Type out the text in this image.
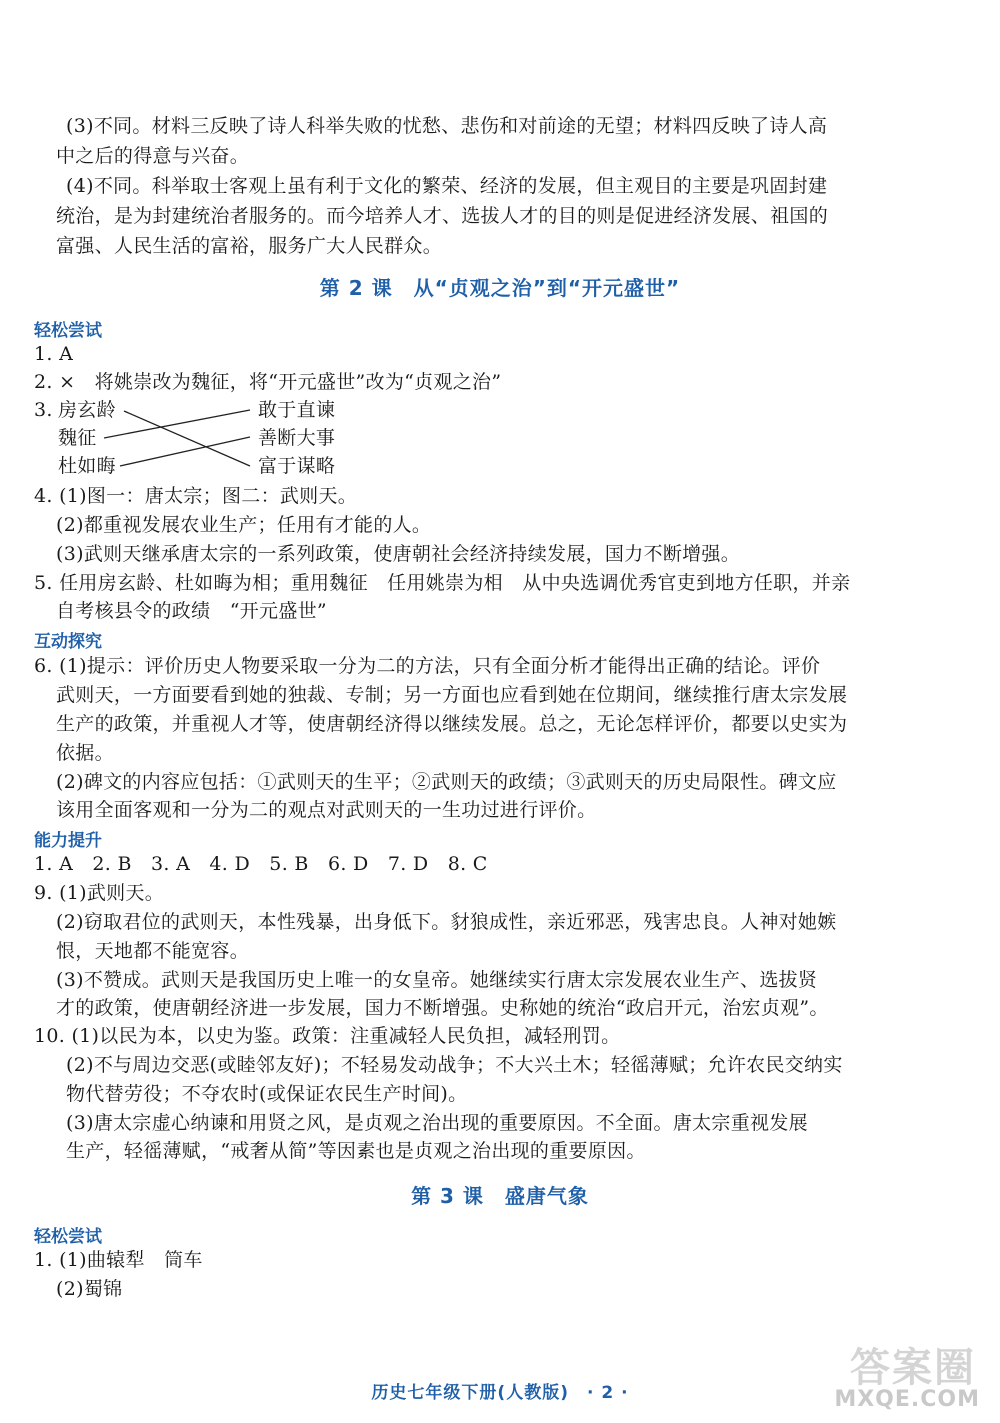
(3)不同。材料三反映了诗人科举失败的忧愁、悲伤和对前途的无望；材料四反映了诗人高
中之后的得意与兴奋。
(4)不同。科举取士客观上虽有利于文化的繁荣、经济的发展，但主观目的主要是巩固封建
统治，是为封建统治者服务的。而今培养人才、选拔人才的目的则是促进经济发展、祖国的
富强、人民生活的富裕，服务广大人民群众。
第 2 课　从“贞观之治”到“开元盛世”
轻松尝试
1. A
2. ×　将姚崇改为魏征，将“开元盛世”改为“贞观之治”
3. 房玄龄
魏征
杜如晦
敢于直谏
善断大事
富于谋略
4. (1)图一：唐太宗；图二：武则天。
(2)都重视发展农业生产；任用有才能的人。
(3)武则天继承唐太宗的一系列政策，使唐朝社会经济持续发展，国力不断增强。
5. 任用房玄龄、杜如晦为相；重用魏征　任用姚崇为相　从中央选调优秀官吏到地方任职，并亲
自考核县令的政绩　“开元盛世”
互动探究
6. (1)提示：评价历史人物要采取一分为二的方法，只有全面分析才能得出正确的结论。评价
武则天，一方面要看到她的独裁、专制；另一方面也应看到她在位期间，继续推行唐太宗发展
生产的政策，并重视人才等，使唐朝经济得以继续发展。总之，无论怎样评价，都要以史实为
依据。
(2)碑文的内容应包括：①武则天的生平；②武则天的政绩；③武则天的历史局限性。碑文应
该用全面客观和一分为二的观点对武则天的一生功过进行评价。
能力提升
1. A　2. B　3. A　4. D　5. B　6. D　7. D　8. C
9. (1)武则天。
(2)窃取君位的武则天，本性残暴，出身低下。豺狼成性，亲近邪恶，残害忠良。人神对她嫉
恨，天地都不能宽容。
(3)不赞成。武则天是我国历史上唯一的女皇帝。她继续实行唐太宗发展农业生产、选拔贤
才的政策，使唐朝经济进一步发展，国力不断增强。史称她的统治“政启开元，治宏贞观”。
10. (1)以民为本，以史为鉴。政策：注重减轻人民负担，减轻刑罚。
(2)不与周边交恶(或睦邻友好)；不轻易发动战争；不大兴土木；轻徭薄赋；允许农民交纳实
物代替劳役；不夺农时(或保证农民生产时间)。
(3)唐太宗虚心纳谏和用贤之风，是贞观之治出现的重要原因。不全面。唐太宗重视发展
生产，轻徭薄赋，“戒奢从简”等因素也是贞观之治出现的重要原因。
第 3 课　盛唐气象
轻松尝试
1. (1)曲辕犁　筒车
(2)蜀锦
历史七年级下册(人教版)　· 2 ·
答案圈
MXQE.COM
